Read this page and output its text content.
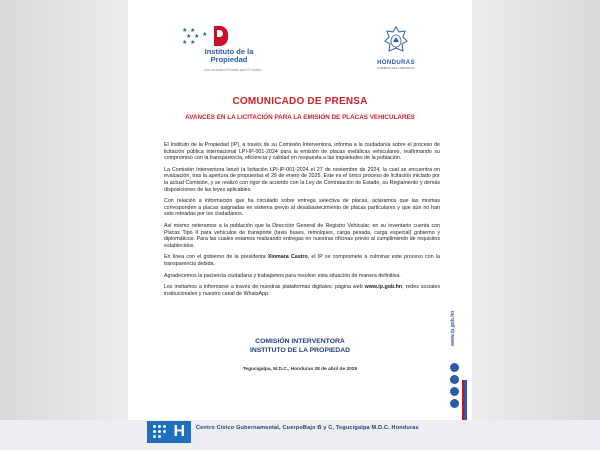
★ ★
★ ★
★ ★
★
Instituto de la Propiedad
Una verdadera Prioridad para El Cambio
HONDURAS
GOBIERNO DE LA REPÚBLICA
COMUNICADO DE PRENSA
AVANCES EN LA LICITACIÓN PARA LA EMISIÓN DE PLACAS VEHICULARES

El Instituto de la Propiedad (IP), a través de su Comisión Interventora, informa a la ciudadanía sobre el proceso de licitación pública internacional LPI-IP-001-2024 para la emisión de placas metálicas vehiculares, reafirmando su compromiso con la transparencia, eficiencia y calidad en respuesta a las inquietudes de la población.

La Comisión Interventora lanzó la licitación LPI-IP-001-2024 el 27 de noviembre de 2024, la cual se encuentra en evaluación, tras la apertura de propuestas el 29 de enero de 2025. Este es el único proceso de licitación iniciado por la actual Comisión, y se realizó con rigor de acuerdo con la Ley de Contratación de Estado, su Reglamento y demás disposiciones de las leyes aplicables.

Con relación a información que ha circulado sobre entrega selectiva de placas, aclaramos que las mismas corresponden a placas asignadas en sistema previo al desabastecimiento de placas particulares y que aún no han sido retiradas por los ciudadanos.

Así mismo reiteramos a la población que la Dirección General de Registro Vehicular, en su inventario cuenta con Placas Tipo II para vehículos de transporte (taxis buses, remolques, carga pesada, carga especial) gobierno y diplomáticos. Para las cuales estamos realizando entregas en nuestras oficinas previo al cumplimiento de requisitos establecidos.

En línea con el gobierno de la presidenta Xiomara Castro, el IP se compromete a culminar este proceso con la transparencia debida.

Agradecemos la paciencia ciudadana y trabajamos para resolver esta situación de manera definitiva.

Les invitamos a informarse a través de nuestras plataformas digitales: página web www.ip.gob.hn, redes sociales institucionales y nuestro canal de WhatsApp.

COMISIÓN INTERVENTORA
INSTITUTO DE LA PROPIEDAD
Tegucigalpa, M.D.C., Honduras 28 de abril de 2025
www.ip.gob.hn
H Centro Cívico Gubernamental, CuerpoBajo B y C, Tegucigalpa M.D.C. Honduras
